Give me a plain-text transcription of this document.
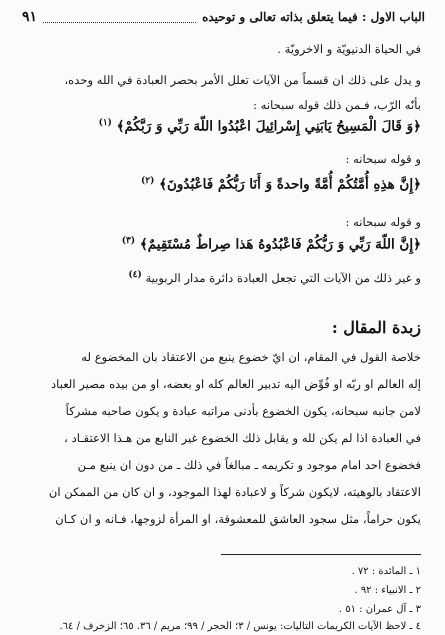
الباب الاول : فيما يتعلق بذاته تعالى و توحيده
٩١
في الحياة الدنيويّة و الاخرويّة .
و يدل على ذلك ان قسماً من الآيات تعلل الأمر بحصر العبادة في الله وحده،
بأنّه الرّب، فـمن ذلك قوله سبحانه :
﴿وَ قَالَ الْمَسِيحُ يَابَنِي إِسْرائِيلَ اعْبُدُوا اللّهَ رَبِّي وَ رَبَّكُمْ﴾ $^{(١)}$
و قوله سبحانه :
﴿إِنَّ هذِهِ أُمَّتُكُمْ أُمَّةً واحدةً وَ أَنَا رَبُّكُمْ فَاعْبُدُونَ﴾ $^{(٢)}$
و قوله سبحانه :
﴿إِنَّ اللّهَ رَبِّي وَ رَبُّكُمْ فَاعْبُدُوهُ هَذا صِراطٌ مُسْتَقِيمٌ﴾ $^{(٣)}$
و غير ذلك من الآيات التي تجعل العبادة دائرة مدار الربوبية $^{(٤)}$
زبدة المقال :
خلاصة القول في المقام، ان ايّ خضوع ينبع من الاعتقاد بان المخضوع له
إله العالم او ربّه او فُوِّض اليه تدبير العالم كله او بعضه، او من بيده مصير العباد
لامن جانبه سبحانه، يكون الخضوع بأدنى مراتبه عبادة و يكون صاحبه مشركاً
في العبادة اذا لم يكن لله و يقابل ذلك الخضوع غير النابع من هـذا الاعتقـاد ،
فخضوع احد امام موجود و تكريمه ـ مبالغاً في ذلك ـ من دون ان ينبع مـن
الاعتقاد بالوهيته، لايكون شركاً و لاعبادة لهذا الموجود، و ان كان من الممكن ان
يكون حراماً، مثل سجود العاشق للمعشوقة، او المرأة لزوجها، فـانه و ان كـان
١ ـ المائدة : ٧٢ .
٢ ـ الانبياء : ٩٢ .
٣ ـ آل عمران : ٥١ .
٤ ـ لاحظ الآيات الكريمات التاليات: يونس / ٣؛ الحجر / ٩٩؛ مريم / ٣٦. ٦٥؛ الزخرف / ٦٤.
